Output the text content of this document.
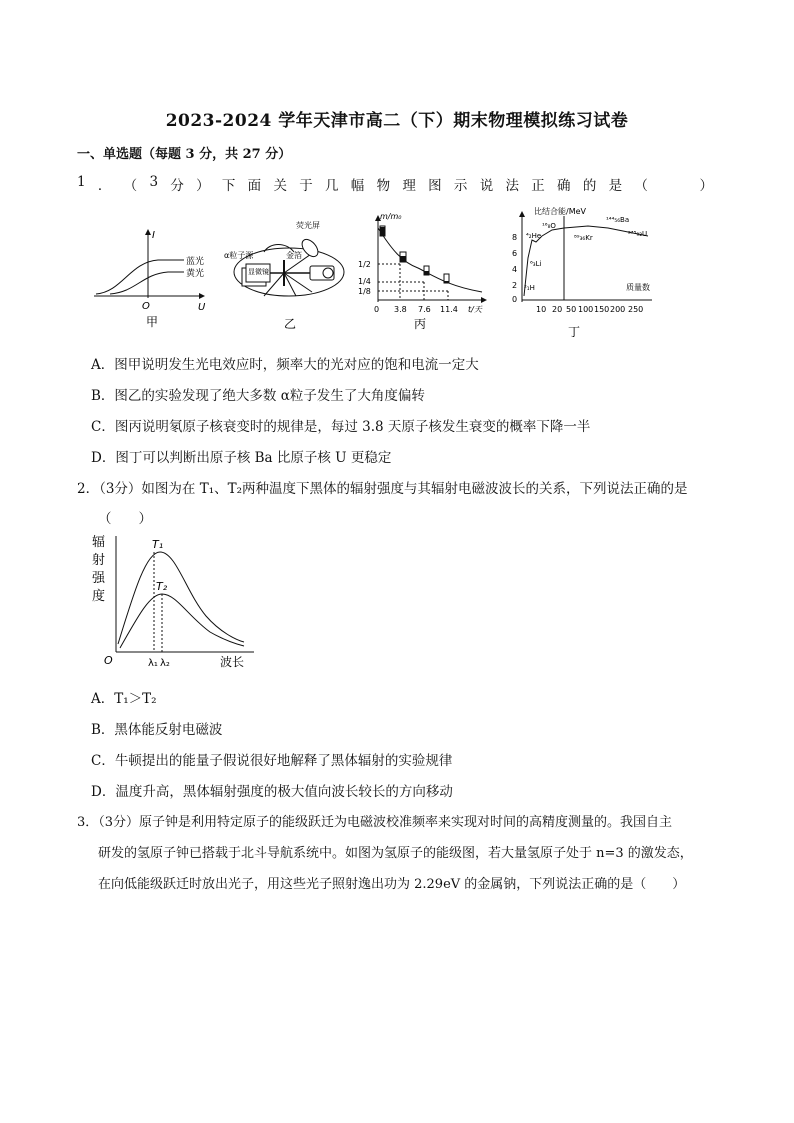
2023-2024 学年天津市高二（下）期末物理模拟练习试卷
一、单选题（每题 3 分，共 27 分）
1 ． （ 3 分 ） 下 面 关 于 几 幅 物 理 图 示 说 法 正 确 的 是 （
　　	）
I
U
O
蓝光
黄光
甲
荧光屏
α粒子源	金箔
显微镜
乙
m/m₀
t/天
1/2
1/4
1/8
0 3.8 7.6 11.4
丙
比结合能/MeV
质量数
8
6
4
2
0
10 20 50 100 150 200 250
⁴₂He
¹⁶₈O
⁶₃Li
²₁H
⁸⁹₃₆Kr
¹⁴⁴₅₆Ba
²³⁵₉₂U
丁
A．图甲说明发生光电效应时，频率大的光对应的饱和电流一定大
B．图乙的实验发现了绝大多数 α粒子发生了大角度偏转
C．图丙说明氡原子核衰变时的规律是，每过 3.8 天原子核发生衰变的概率下降一半
D．图丁可以判断出原子核 Ba 比原子核 U 更稳定
2．（3分）如图为在 T₁、T₂两种温度下黑体的辐射强度与其辐射电磁波波长的关系，下列说法正确的是
（　　）
辐
射
强
度
T₁
T₂
O	λ₁ λ₂	波长
A．T₁＞T₂
B．黑体能反射电磁波
C．牛顿提出的能量子假说很好地解释了黑体辐射的实验规律
D．温度升高，黑体辐射强度的极大值向波长较长的方向移动
3．（3分）原子钟是利用特定原子的能级跃迁为电磁波校准频率来实现对时间的高精度测量的。我国自主
研发的氢原子钟已搭载于北斗导航系统中。如图为氢原子的能级图，若大量氢原子处于 n=3 的激发态，
在向低能级跃迁时放出光子，用这些光子照射逸出功为 2.29eV 的金属钠，下列说法正确的是（　　）
